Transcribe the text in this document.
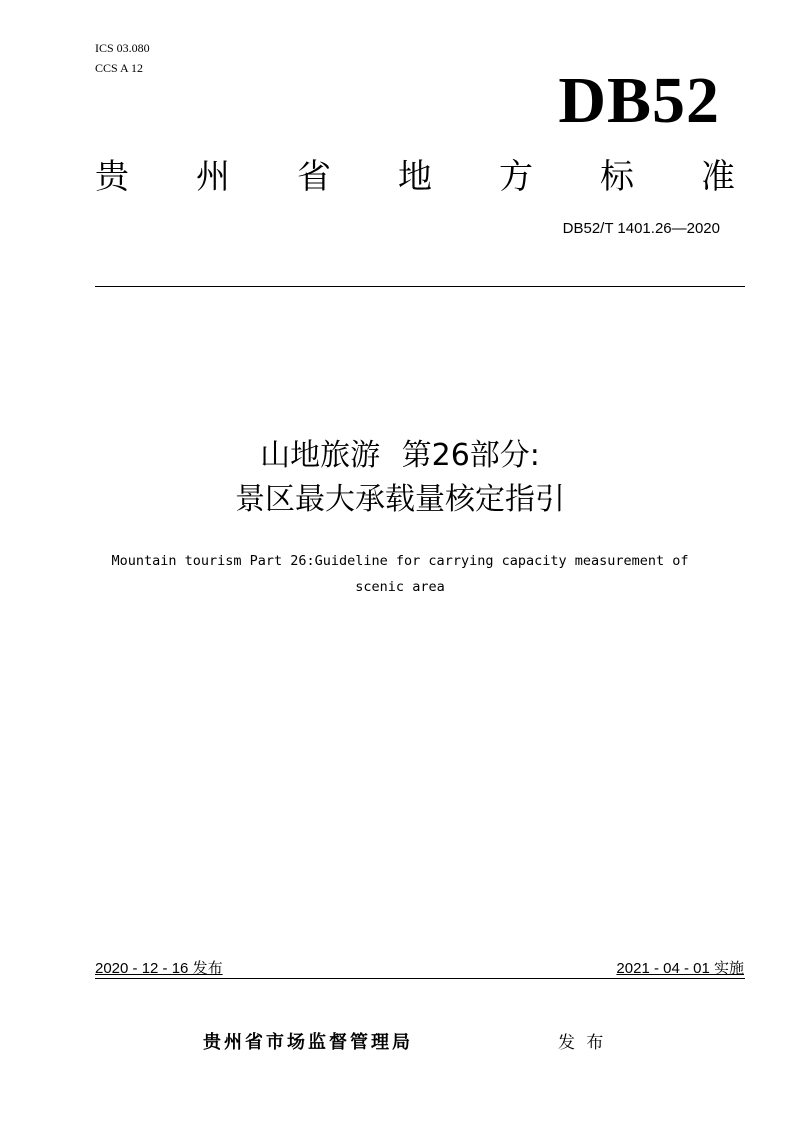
ICS 03.080
CCS A 12	DB52
贵 州 省 地 方 标 准
DB52/T 1401.26—2020
山地旅游 第26部分:
景区最大承载量核定指引
Mountain tourism Part 26:Guideline for carrying capacity measurement of
scenic area
2020 - 12 - 16 发布	2021 - 04 - 01 实施
贵州省市场监督管理局	发 布
